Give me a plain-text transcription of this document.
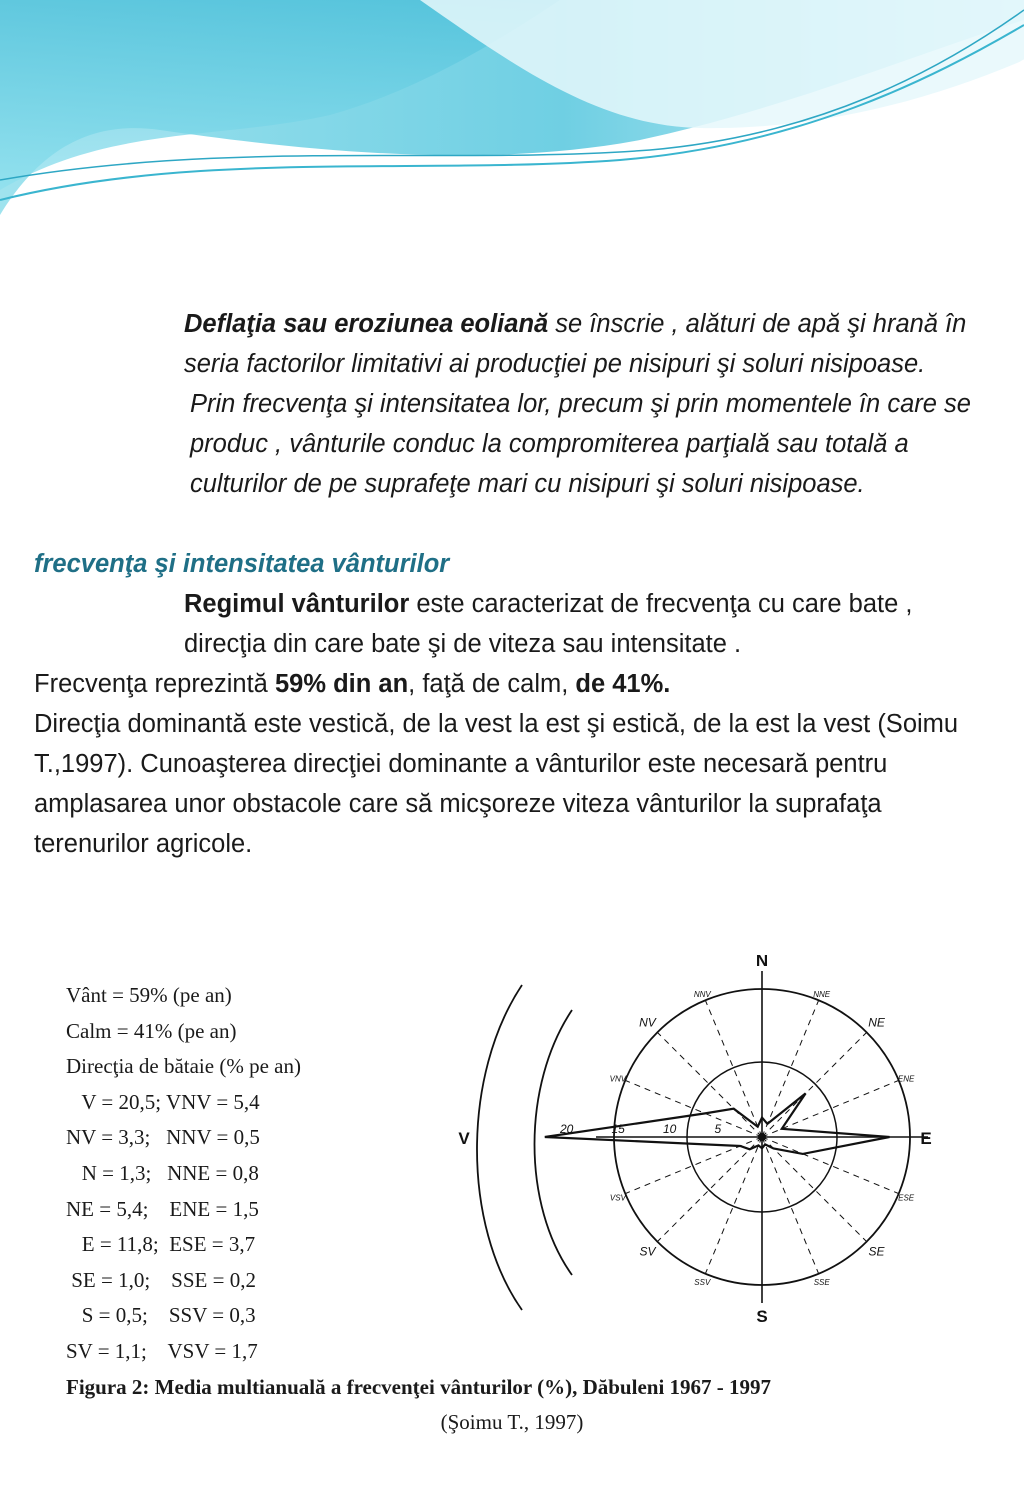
Deflaţia sau eroziunea eoliană se înscrie , alături de apă şi hrană în seria factorilor limitativi ai producţiei pe nisipuri şi soluri nisipoase.

Prin frecvenţa şi intensitatea lor, precum şi prin momentele în care se produc , vânturile conduc la compromiterea parţială sau totală a culturilor de pe suprafeţe mari cu nisipuri şi soluri nisipoase.

frecvenţa şi intensitatea vânturilor

Regimul vânturilor este caracterizat de frecvenţa cu care bate , direcţia din care bate şi de viteza sau intensitate .

Frecvenţa reprezintă 59% din an, faţă de calm, de 41%.

Direcţia dominantă este vestică, de la vest la est şi estică, de la est la vest (Soimu T.,1997). Cunoaşterea direcţiei dominante a vânturilor este necesară pentru amplasarea unor obstacole care să micşoreze viteza vânturilor la suprafaţa terenurilor agricole.

Vânt = 59% (pe an)
Calm = 41% (pe an)
Direcţia de bătaie (% pe an)
V = 20,5; VNV = 5,4
NV = 3,3;   NNV = 0,5
N = 1,3;   NNE = 0,8
NE = 5,4;    ENE = 1,5
E = 11,8;  ESE = 3,7
SE = 1,0;    SSE = 0,2
S = 0,5;    SSV = 0,3
SV = 1,1;    VSV = 1,7
N
NNE
NE
ENE
E
ESE
SE
SSE
S
SSV
SV
VSV
V
VNV
NV
NNV
20	15	10	5
Figura 2: Media multianuală a frecvenţei vânturilor (%), Dăbuleni 1967 - 1997
(Şoimu T., 1997)
